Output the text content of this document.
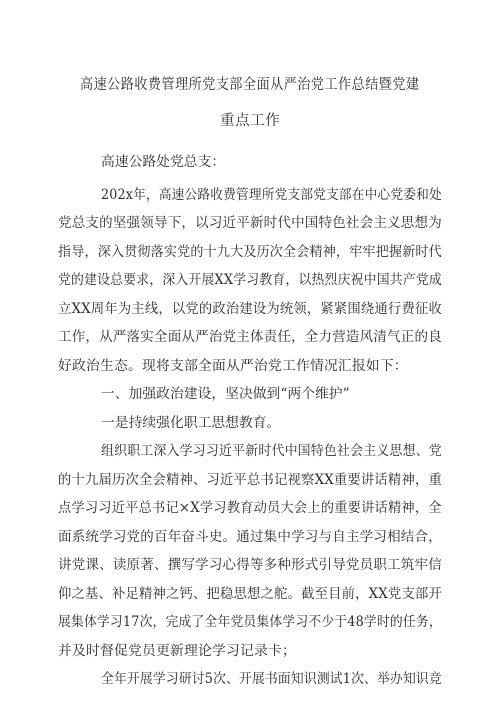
高速公路收费管理所党支部全面从严治党工作总结暨党建
重点工作
高速公路处党总支：
202x年，高速公路收费管理所党支部党支部在中心党委和处
党总支的坚强领导下，以习近平新时代中国特色社会主义思想为
指导，深入贯彻落实党的十九大及历次全会精神，牢牢把握新时代
党的建设总要求，深入开展XX学习教育，以热烈庆祝中国共产党成
立XX周年为主线，以党的政治建设为统领，紧紧围绕通行费征收
工作，从严落实全面从严治党主体责任，全力营造风清气正的良
好政治生态。现将支部全面从严治党工作情况汇报如下：
一、加强政治建设，坚决做到“两个维护”
一是持续强化职工思想教育。
组织职工深入学习习近平新时代中国特色社会主义思想、党
的十九届历次全会精神、习近平总书记视察XX重要讲话精神，重
点学习习近平总书记×X学习教育动员大会上的重要讲话精神，全
面系统学习党的百年奋斗史。通过集中学习与自主学习相结合，
讲党课、读原著、撰写学习心得等多种形式引导党员职工筑牢信
仰之基、补足精神之钙、把稳思想之舵。截至目前，XX党支部开
展集体学习17次，完成了全年党员集体学习不少于48学时的任务，
并及时督促党员更新理论学习记录卡；
全年开展学习研讨5次、开展书面知识测试1次、举办知识竞
